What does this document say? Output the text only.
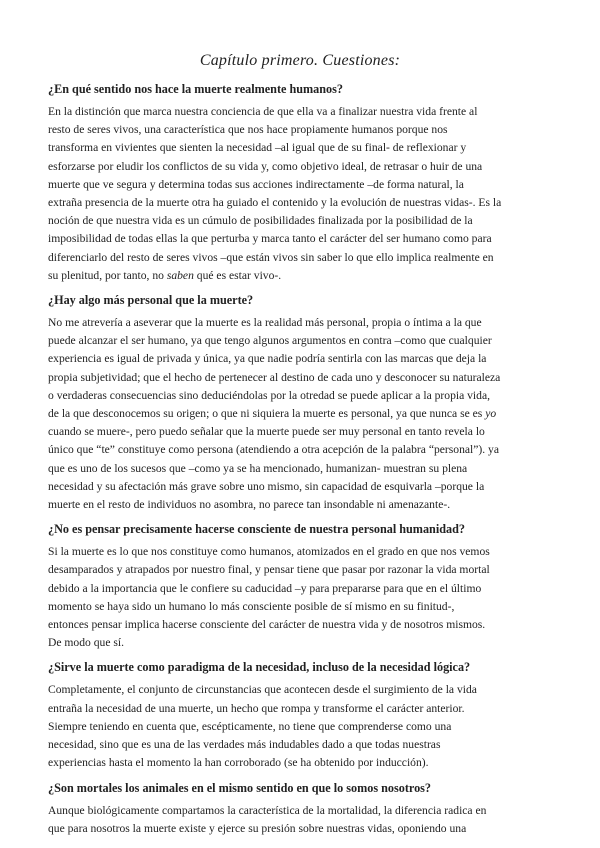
Capítulo primero. Cuestiones:
¿En qué sentido nos hace la muerte realmente humanos?
En la distinción que marca nuestra conciencia de que ella va a finalizar nuestra vida frente al
resto de seres vivos, una característica que nos hace propiamente humanos porque nos
transforma en vivientes que sienten la necesidad –al igual que de su final- de reflexionar y
esforzarse por eludir los conflictos de su vida y, como objetivo ideal, de retrasar o huir de una
muerte que ve segura y determina todas sus acciones indirectamente –de forma natural, la
extraña presencia de la muerte otra ha guiado el contenido y la evolución de nuestras vidas-. Es la
noción de que nuestra vida es un cúmulo de posibilidades finalizada por la posibilidad de la
imposibilidad de todas ellas la que perturba y marca tanto el carácter del ser humano como para
diferenciarlo del resto de seres vivos –que están vivos sin saber lo que ello implica realmente en
su plenitud, por tanto, no saben qué es estar vivo-.
¿Hay algo más personal que la muerte?
No me atrevería a aseverar que la muerte es la realidad más personal, propia o íntima a la que
puede alcanzar el ser humano, ya que tengo algunos argumentos en contra –como que cualquier
experiencia es igual de privada y única, ya que nadie podría sentirla con las marcas que deja la
propia subjetividad; que el hecho de pertenecer al destino de cada uno y desconocer su naturaleza
o verdaderas consecuencias sino deduciéndolas por la otredad se puede aplicar a la propia vida,
de la que desconocemos su origen; o que ni siquiera la muerte es personal, ya que nunca se es yo
cuando se muere-, pero puedo señalar que la muerte puede ser muy personal en tanto revela lo
único que “te” constituye como persona (atendiendo a otra acepción de la palabra “personal”). ya
que es uno de los sucesos que –como ya se ha mencionado, humanizan- muestran su plena
necesidad y su afectación más grave sobre uno mismo, sin capacidad de esquivarla –porque la
muerte en el resto de individuos no asombra, no parece tan insondable ni amenazante-.
¿No es pensar precisamente hacerse consciente de nuestra personal humanidad?
Si la muerte es lo que nos constituye como humanos, atomizados en el grado en que nos vemos
desamparados y atrapados por nuestro final, y pensar tiene que pasar por razonar la vida mortal
debido a la importancia que le confiere su caducidad –y para prepararse para que en el último
momento se haya sido un humano lo más consciente posible de sí mismo en su finitud-,
entonces pensar implica hacerse consciente del carácter de nuestra vida y de nosotros mismos.
De modo que sí.
¿Sirve la muerte como paradigma de la necesidad, incluso de la necesidad lógica?
Completamente, el conjunto de circunstancias que acontecen desde el surgimiento de la vida
entraña la necesidad de una muerte, un hecho que rompa y transforme el carácter anterior.
Siempre teniendo en cuenta que, escépticamente, no tiene que comprenderse como una
necesidad, sino que es una de las verdades más indudables dado a que todas nuestras
experiencias hasta el momento la han corroborado (se ha obtenido por inducción).
¿Son mortales los animales en el mismo sentido en que lo somos nosotros?
Aunque biológicamente compartamos la característica de la mortalidad, la diferencia radica en
que para nosotros la muerte existe y ejerce su presión sobre nuestras vidas, oponiendo una
